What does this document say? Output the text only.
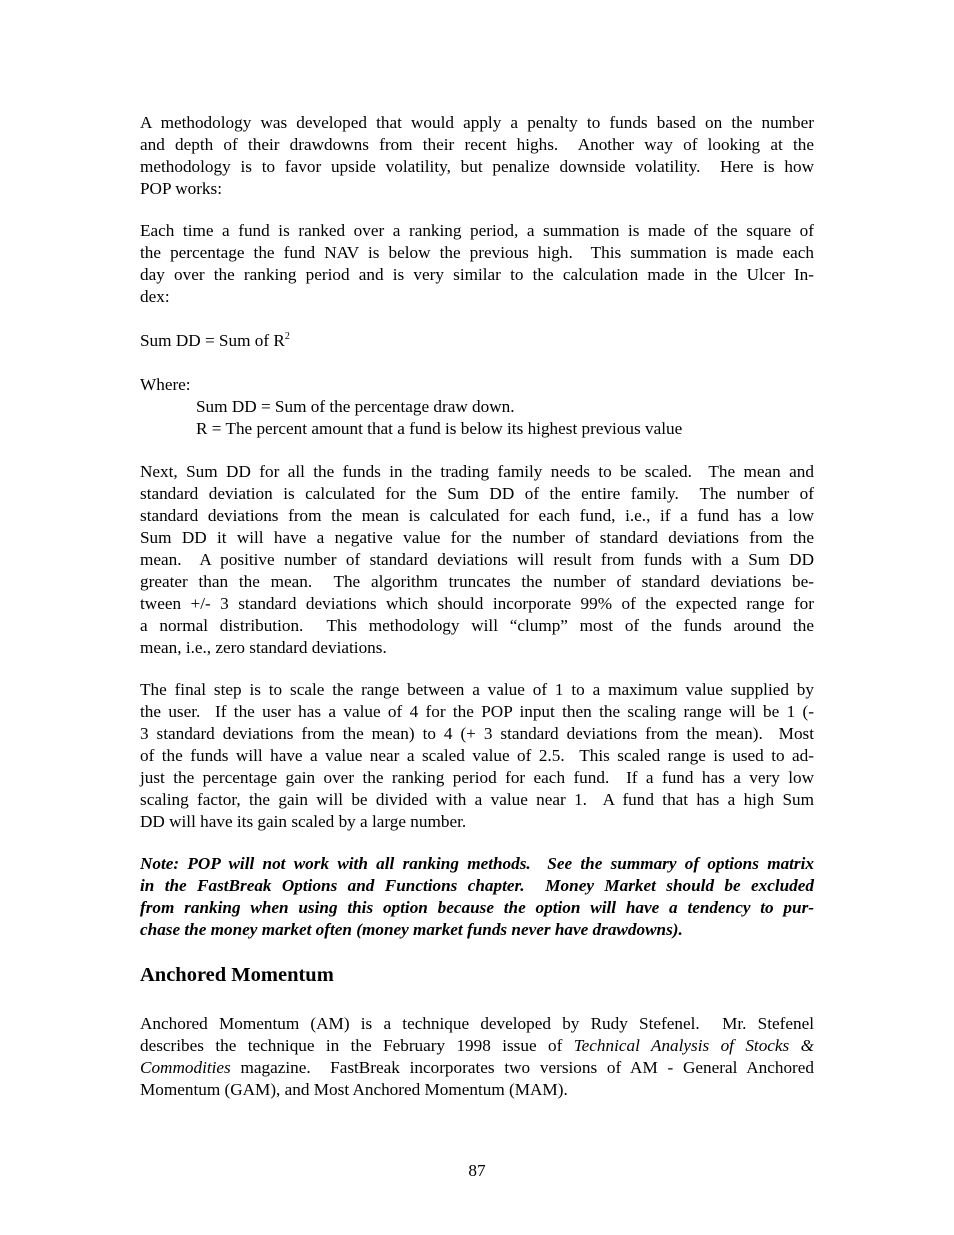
A methodology was developed that would apply a penalty to funds based on the number
and depth of their drawdowns from their recent highs.  Another way of looking at the
methodology is to favor upside volatility, but penalize downside volatility.  Here is how
POP works:
Each time a fund is ranked over a ranking period, a summation is made of the square of
the percentage the fund NAV is below the previous high.  This summation is made each
day over the ranking period and is very similar to the calculation made in the Ulcer In-
dex:
Sum DD = Sum of $R^2$
Where:
Sum DD = Sum of the percentage draw down.
R = The percent amount that a fund is below its highest previous value
Next, Sum DD for all the funds in the trading family needs to be scaled.  The mean and
standard deviation is calculated for the Sum DD of the entire family.  The number of
standard deviations from the mean is calculated for each fund, i.e., if a fund has a low
Sum DD it will have a negative value for the number of standard deviations from the
mean.  A positive number of standard deviations will result from funds with a Sum DD
greater than the mean.  The algorithm truncates the number of standard deviations be-
tween +/- 3 standard deviations which should incorporate 99% of the expected range for
a normal distribution.  This methodology will “clump” most of the funds around the
mean, i.e., zero standard deviations.
The final step is to scale the range between a value of 1 to a maximum value supplied by
the user.  If the user has a value of 4 for the POP input then the scaling range will be 1 (-
3 standard deviations from the mean) to 4 (+ 3 standard deviations from the mean).  Most
of the funds will have a value near a scaled value of 2.5.  This scaled range is used to ad-
just the percentage gain over the ranking period for each fund.  If a fund has a very low
scaling factor, the gain will be divided with a value near 1.  A fund that has a high Sum
DD will have its gain scaled by a large number.
Note: POP will not work with all ranking methods.  See the summary of options matrix
in the FastBreak Options and Functions chapter.  Money Market should be excluded
from ranking when using this option because the option will have a tendency to pur-
chase the money market often (money market funds never have drawdowns).
Anchored Momentum
Anchored Momentum (AM) is a technique developed by Rudy Stefenel.  Mr. Stefenel
describes the technique in the February 1998 issue of Technical Analysis of Stocks &
Commodities magazine.  FastBreak incorporates two versions of AM - General Anchored
Momentum (GAM), and Most Anchored Momentum (MAM).
87
